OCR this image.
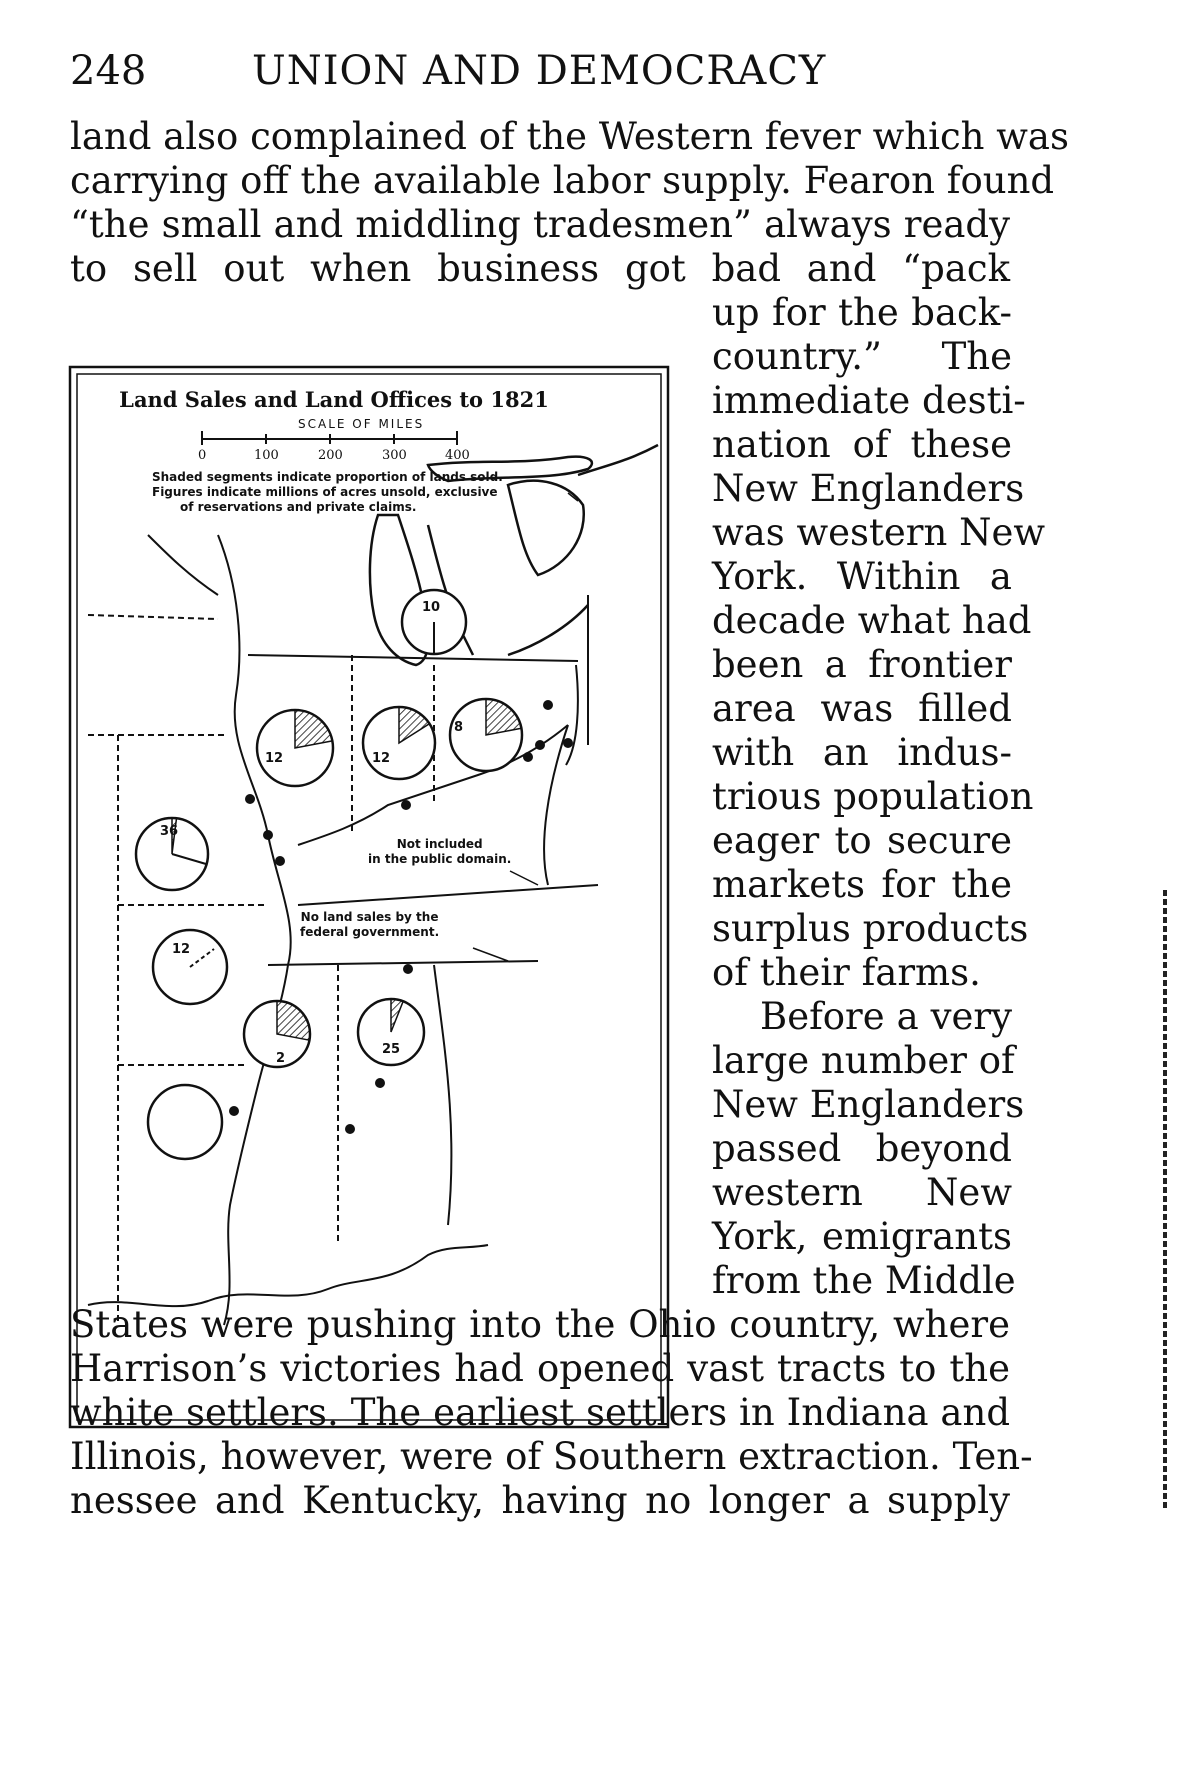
248	UNION AND DEMOCRACY
land also complained of the Western fever which was
carrying off the available labor supply. Fearon found
“the small and middling tradesmen” always ready
to sell out when business got bad and “pack
up for the back-
country.” The
immediate desti-
nation of these
New Englanders
was western New
York. Within a
decade what had
been a frontier
area was filled
with an indus-
trious population
eager to secure
markets for the
surplus products
of their farms.
Before a very
large number of
New Englanders
passed beyond
western New
York, emigrants
from the Middle
States were pushing into the Ohio country, where
Harrison’s victories had opened vast tracts to the
white settlers. The earliest settlers in Indiana and
Illinois, however, were of Southern extraction. Ten-
nessee and Kentucky, having no longer a supply
10
8
12
12
36
12
2
25
Land Sales and Land Offices to 1821
SCALE OF MILES
0	100	200	300	400
Shaded segments indicate proportion of lands sold.
Figures indicate millions of acres unsold, exclusive
of reservations and private claims.
Not included
in the public domain.
No land sales by the
federal government.
